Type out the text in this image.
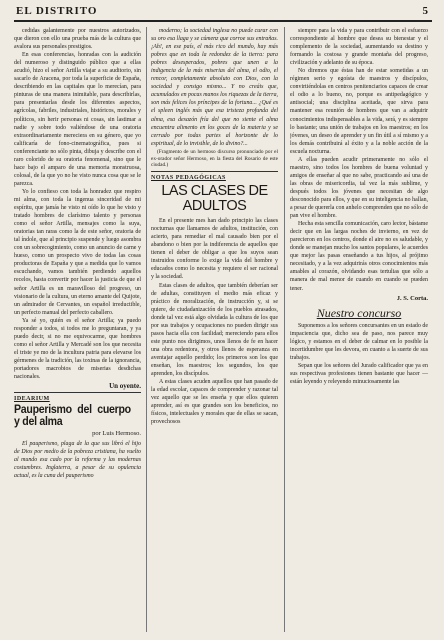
EL DISTRITO	5

cedidas galantemente por nuestros autorizados, que dieron con ello una prueba más de la cultura que avalora sus personales prestigios.

En esas conferencias, honradas con la audición del numeroso y distinguido público que a ellas acudió, hizo el señor Artilla viajar a su auditorio, sin sacarlo de Aracena, por toda la superficie de España, describiendo en las capitales que lo merecían, para pinturas de una manera inimitable, para describirlas, para presentarlas desde los diferentes aspectos, agrícolas, fabriles, industriales, históricos, morales y políticos, sin herir personas ni cosas, sin lastimar a nadie y sobre todo valiéndose de una oratoria extraordinariamente mereciera en su género, que yo calificaría de fono-cinematográfica, pues si conferenciante no sólo pinta, dibuja y describe con el raro colorido de su oratoria fenomenal, sino que le hace bajo el amparo de una memoria monstruosa, colosal, de la que yo no he visto nunca cosa que se le parezca.

Yo lo confieso con toda la honradez que respiro mi alma, con toda la ingenua sinceridad de mi espíritu, que jamás he visto ni oído lo que he visto y tratado hombres de clarísimo talento y personas como el señor Artilla, mensajes como la suya, oratorias tan raras como la de este señor, oratoria de tal índole, que al principio suspende y luego asombra con un sobrecogimiento, como un anuncio de carne y hueso, como un prospecto vivo de todas las cosas productoras de España y que a medida que lo vamos escuchando, vamos también perdiendo aquellos recelos, hasta convertir por hacer la justicia de que el señor Artilla es un maravilloso del progreso, un visionario de la cultura, un eterno amante del Quijote, un admirador de Cervantes, un español irreductible, un perfecto manual del perfecto caballero.

Ya sé yo, quién es el señor Artilla; ya puedo responder a todos, si todos me lo preguntaran, y ya puedo decir, si no me equivocarme, que hombres como el señor Artilla y Mercadé son los que necesita el triste ye mo de la incultura patria para elevarse los gérmenes de la tradición, las toxinas de la ignorancia, portadores macrobios de miserias desdichas nacionales.

Un oyente.
IDEARIUM
Pauperismo del cuerpo y del alma
por Luis Hermoso.

El pauperismo, plaga de la que sus libró el hijo de Dios por medio de la pobreza cristiana, ha vuelto al mundo esa cado por la reforma y las modernas costumbres. Inglaterra, a pesar de su opulencia actual, es la cuna del pauperismo

moderno; la sociedad inglesa no puede curar con su oro esa llaga y se cúmenz que corroe sus entrañas. ¡Ah!, en ese país, el más rico del mundo, hay más pobres que en toda la redondez de la tierra: para pobres desesperados, pobres que unen a la indigencia de la más miserias del alma, el odio, el rencor, completamente absoluto con Dios, con la sociedad y consigo mismo... Y no creáis que, acumulados en pocas manos los riquezas de la tierra, son más felices los príncipes de la fortuna... ¿Qué es el spleen inglés más que esa tristeza profunda del alma, esa desazón fría del que no siente el alma encuentra alimento en los goces de la materia y se cerrado por todas partes al horizonte de lo espiritual, de lo invisible, de lo divino?...

(Fragmento de un hermoso discurso pronunciado por el ex-orador señor Hermoso, en la fiesta del Rosario de este ciudad.)
NOTAS PEDAGÓGICAS
LAS CLASES DE ADULTOS

En el presente mes han dado principio las clases nocturnas que llamamos de adultos, institución, con acierto, para remediar el mal causado bien por el abandono o bien por la indiferencia de aquellos que tienen el deber de obligar a que los suyos sean instruidos conforme lo exige la vida del hombre y educados como lo necesita y requiere el ser racional y la sociedad.

Estas clases de adultos, que también deberían ser de adultas, constituyen el medio más eficaz y práctico de moralización, de instrucción y, si se quiere, de ciudadanización de los pueblos atrasados, donde tal vez está algo olvidada la cultura de los que por sus trabajos y ocupaciones no pueden dirigir sus pasos hacia ella con facilidad; mereciendo para ellos este punto nos dirigimos, unos llenos de fe en hacer una obra redentora, y otros llenos de esperanza en aventajar aquello perdido; los primeros son los que enseñan, los maestros; los segundos, los que aprenden, los discípulos.

A estas clases acuden aquellos que han pasado de la edad escolar, capaces de comprender y razonar tal vez aquello que se les enseña y que ellos quieren aprender, así es que grandes son los beneficios, no físicos, intelectuales y morales que de ellas se sacan, provechosos

siempre para la vida y para contribuir con el esfuerzo correspondiente al hombre que desea su bienestar y el complemento de la sociedad, aumentando su destino y formando la costosa y grande montaña del progreso, civilización y adelanto de su época.

No diremos que éstas han de estar sometidas a un régimen serio y egoísta de maestros y discípulos, convirtiéndolas en centros penitenciarios capaces de crear el odio a lo bueno, no, porque es antipedagógico y antisocial; una disciplina aceitada, que sirva para mantener esa reunión de hombres que van a adquirir conocimientos indispensables a la vida, será, y es siempre lo bastante; una unión de trabajos en los maestros; en los jóvenes, un deseo de aprender y un fin útil a sí mismo y a los demás contribuirá al éxito y a la noble acción de la escuela nocturna.

A ellas pueden acudir primeramente no sólo el maestro, sino todos los hombres de buena voluntad y amigos de enseñar al que no sabe, practicando así una de las obras de misericordia, tal vez la más sublime, y después todos los jóvenes que necesitan de algo desconocido para ellos, y que en su inteligencia no hallan, a pesar de quererla con anhelo comprenden que no sólo de pan vive el hombre.

Hecha esta sencilla comunicación, caro lector, bástame decir que en las largas noches de invierno, en vez de parecieron en los centros, donde el aire no es saludable, y donde se manejan mucho los santos populares, le acuerdes que mejor las pasas enseñando a tus hijos, al prójimo necesitado, y a la vez adquirirás otros conocimientos más amables al corazón, olvidando esas tertulias que sólo a manera de mal menor de cuando en cuando se pueden tener.

J. S. Corta.
Nuestro concurso

Suponemos a los señores concursantes en un estado de impaciencia que, dicho sea de paso, nos parece muy lógico, y estamos en el deber de calmar en lo posible la incertidumbre que les devora, en cuanto a la suerte de sus trabajos.

Sepan que los señores del Jurado calificador que ya en sus respectivas profesiones tienen bastante que hacer — están leyendo y releyendo minuciosamente las
